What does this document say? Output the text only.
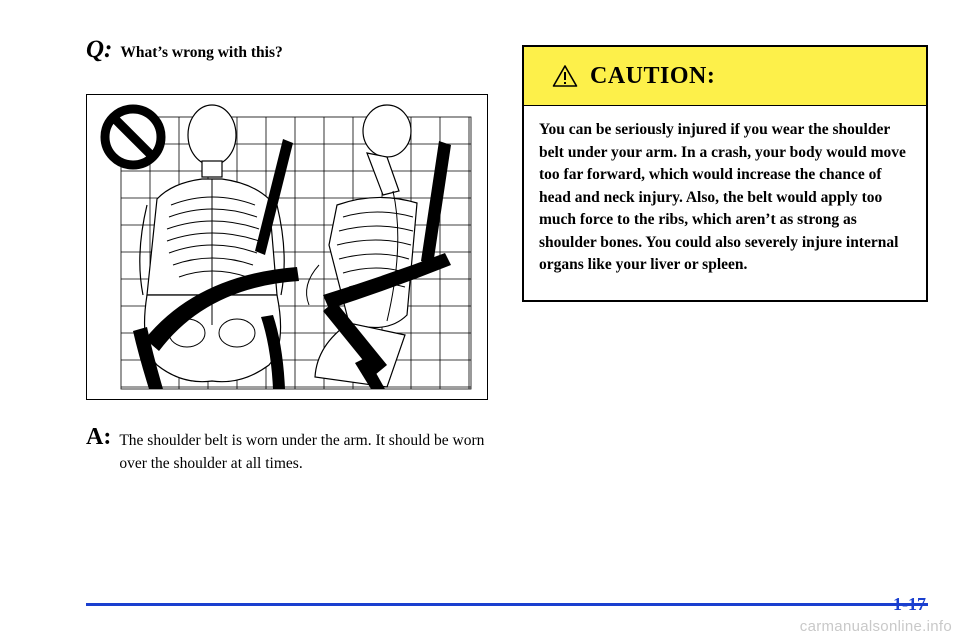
Q: What’s wrong with this?
A: The shoulder belt is worn under the arm. It should be worn over the shoulder at all times.
CAUTION:
You can be seriously injured if you wear the shoulder belt under your arm. In a crash, your body would move too far forward, which would increase the chance of head and neck injury. Also, the belt would apply too much force to the ribs, which aren’t as strong as shoulder bones. You could also severely injure internal organs like your liver or spleen.
1-17
carmanualsonline.info
